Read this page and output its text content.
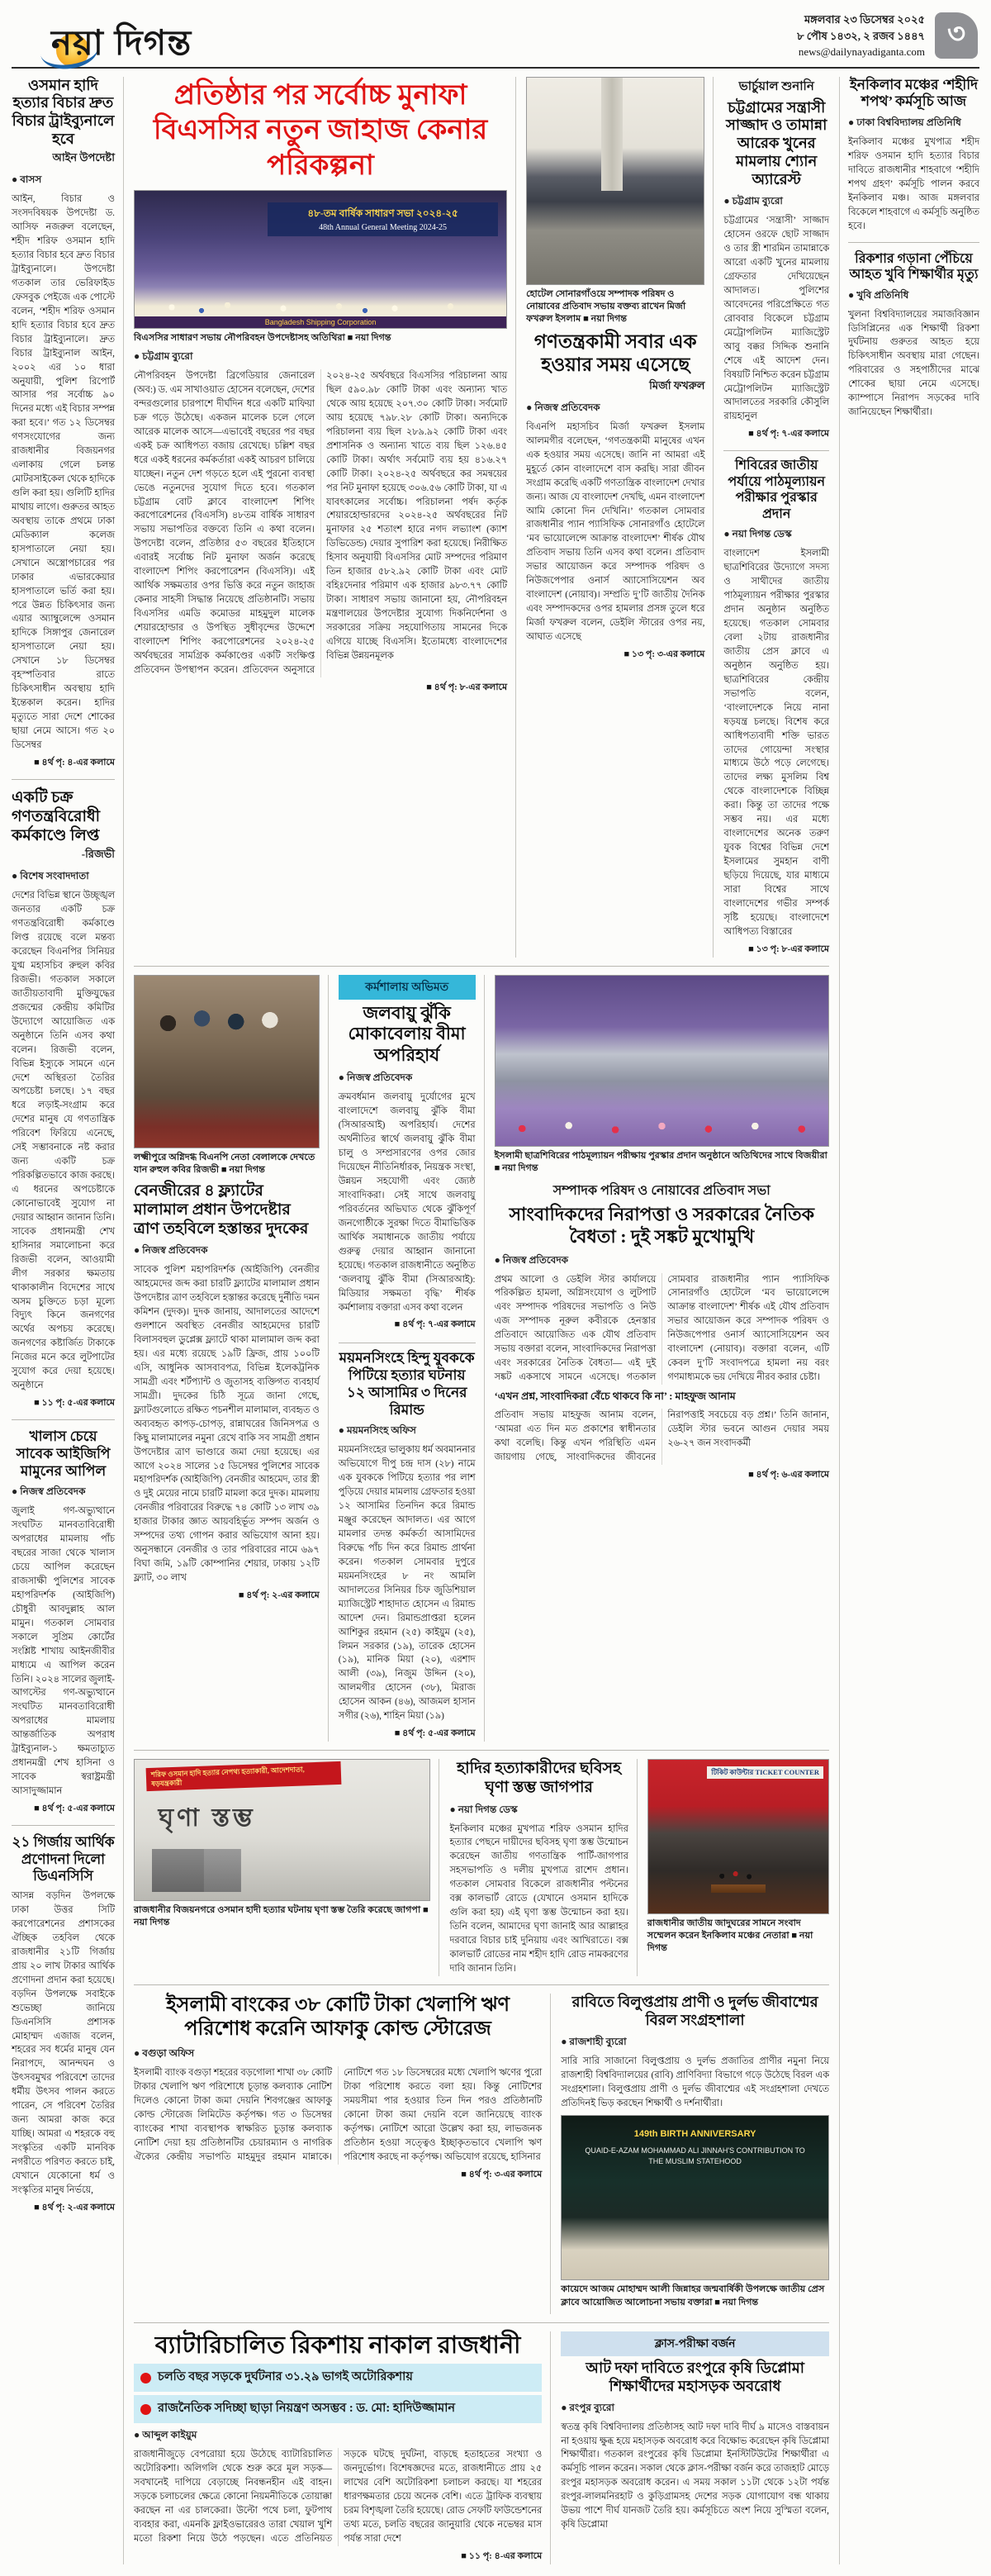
নয়া দিগন্ত
মঙ্গলবার ২৩ ডিসেম্বর ২০২৫
৮ পৌষ ১৪৩২, ২ রজব ১৪৪৭
news@dailynayadiganta.com
৩
ওসমান হাদি হত্যার বিচার দ্রুত বিচার ট্রাইব্যুনালে হবে
আইন উপদেষ্টা
● বাসস
আইন, বিচার ও সংসদবিষয়ক উপদেষ্টা ড. আসিফ নজরুল বলেছেন, শহীদ শরিফ ওসমান হাদি হত্যার বিচার হবে দ্রুত বিচার ট্রাইব্যুনালে। উপদেষ্টা গতকাল তার ভেরিফাইড ফেসবুক পেইজে এক পোস্টে বলেন, ‘শহীদ শরিফ ওসমান হাদি হত্যার বিচার হবে দ্রুত বিচার ট্রাইব্যুনালে। দ্রুত বিচার ট্রাইব্যুনাল আইন, ২০০২ এর ১০ ধারা অনুযায়ী, পুলিশ রিপোর্ট আসার পর সর্বোচ্চ ৯০ দিনের মধ্যে এই বিচার সম্পন্ন করা হবে।’ গত ১২ ডিসেম্বর গণসংযোগের জন্য রাজধানীর বিজয়নগর এলাকায় গেলে চলন্ত মোটরসাইকেল থেকে হাদিকে গুলি করা হয়। গুলিটি হাদির মাথায় লাগে। গুরুতর আহত অবস্থায় তাকে প্রথমে ঢাকা মেডিক্যাল কলেজ হাসপাতালে নেয়া হয়। সেখানে অস্ত্রোপচারের পর ঢাকার এভারকেয়ার হাসপাতালে ভর্তি করা হয়। পরে উন্নত চিকিৎসার জন্য এয়ার অ্যাম্বুলেন্সে ওসমান হাদিকে সিঙ্গাপুর জেনারেল হাসপাতালে নেয়া হয়। সেখানে ১৮ ডিসেম্বর বৃহস্পতিবার রাতে চিকিৎসাধীন অবস্থায় হাদি ইন্তেকাল করেন। হাদির মৃত্যুতে সারা দেশে শোকের ছায়া নেমে আসে। গত ২০ ডিসেম্বর
■ ৪র্থ পৃ: ৪-এর কলামে
একটি চক্র গণতন্ত্রবিরোধী কর্মকাণ্ডে লিপ্ত
-রিজভী
● বিশেষ সংবাদদাতা
দেশের বিভিন্ন স্থানে উচ্ছৃঙ্খল জনতার একটি চক্র গণতন্ত্রবিরোধী কর্মকাণ্ডে লিপ্ত রয়েছে বলে মন্তব্য করেছেন বিএনপির সিনিয়র যুগ্ম মহাসচিব রুহুল কবির রিজভী। গতকাল সকালে জাতীয়তাবাদী মুক্তিযুদ্ধের প্রজন্মের কেন্দ্রীয় কমিটির উদ্যোগে আয়োজিত এক অনুষ্ঠানে তিনি এসব কথা বলেন। রিজভী বলেন, বিভিন্ন ইস্যুকে সামনে এনে দেশে অস্থিরতা তৈরির অপচেষ্টা চলছে। ১৭ বছর ধরে লড়াই-সংগ্রাম করে দেশের মানুষ যে গণতান্ত্রিক পরিবেশ ফিরিয়ে এনেছে, সেই সম্ভাবনাকে নষ্ট করার জন্য একটি চক্র পরিকল্পিতভাবে কাজ করছে। এ ধরনের অপচেষ্টাকে কোনোভাবেই সুযোগ না দেয়ার আহ্বান জানান তিনি। সাবেক প্রধানমন্ত্রী শেখ হাসিনার সমালোচনা করে রিজভী বলেন, আওয়ামী লীগ সরকার ক্ষমতায় থাকাকালীন বিদেশের সাথে অসম চুক্তিতে চড়া মূল্যে বিদ্যুৎ কিনে জনগণের অর্থের অপচয় করেছে। জনগণের কষ্টার্জিত টাকাকে নিজের মনে করে লুটপাটের সুযোগ করে দেয়া হয়েছে। অনুষ্ঠানে
■ ১১ পৃ: ৫-এর কলামে
খালাস চেয়ে সাবেক আইজিপি মামুনের আপিল
● নিজস্ব প্রতিবেদক
জুলাই গণ-অভ্যুত্থানে সংঘটিত মানবতাবিরোধী অপরাধের মামলায় পাঁচ বছরের সাজা থেকে খালাস চেয়ে আপিল করেছেন রাজসাক্ষী পুলিশের সাবেক মহাপরিদর্শক (আইজিপি) চৌধুরী আবদুল্লাহ আল মামুন। গতকাল সোমবার সকালে সুপ্রিম কোর্টের সংশ্লিষ্ট শাখায় আইনজীবীর মাধ্যমে এ আপিল করেন তিনি। ২০২৪ সালের জুলাই-আগস্টের গণ-অভ্যুত্থানে সংঘটিত মানবতাবিরোধী অপরাধের মামলায় আন্তর্জাতিক অপরাধ ট্রাইব্যুনাল-১ ক্ষমতাচ্যুত প্রধানমন্ত্রী শেখ হাসিনা ও সাবেক স্বরাষ্ট্রমন্ত্রী আসাদুজ্জামান
■ ৪র্থ পৃ: ৫-এর কলামে
২১ গির্জায় আর্থিক প্রণোদনা দিলো ডিএনসিসি
আসন্ন বড়দিন উপলক্ষে ঢাকা উত্তর সিটি করপোরেশনের প্রশাসকের ঐচ্ছিক তহবিল থেকে রাজধানীর ২১টি গির্জায় প্রায় ২০ লাখ টাকার আর্থিক প্রণোদনা প্রদান করা হয়েছে। বড়দিন উপলক্ষে সবাইকে শুভেচ্ছা জানিয়ে ডিএনসিসি প্রশাসক মোহাম্মদ এজাজ বলেন, শহরের সব ধর্মের মানুষ যেন নিরাপদে, আনন্দঘন ও উৎসবমুখর পরিবেশে তাদের ধর্মীয় উৎসব পালন করতে পারেন, সে পরিবেশ তৈরির জন্য আমরা কাজ করে যাচ্ছি। আমরা এ শহরকে বহু সংস্কৃতির একটি মানবিক নগরীতে পরিণত করতে চাই, যেখানে যেকোনো ধর্ম ও সংস্কৃতির মানুষ নির্ভয়ে,
■ ৪র্থ পৃ: ২-এর কলামে
প্রতিষ্ঠার পর সর্বোচ্চ মুনাফা বিএসসির নতুন জাহাজ কেনার পরিকল্পনা
৪৮-তম বার্ষিক সাধারণ সভা ২০২৪-২৫
48th Annual General Meeting 2024-25
Bangladesh Shipping Corporation
বিএসসির সাধারণ সভায় নৌপরিবহন উপদেষ্টাসহ অতিথিরা ■ নয়া দিগন্ত
● চট্টগ্রাম ব্যুরো
নৌপরিবহন উপদেষ্টা ব্রিগেডিয়ার জেনারেল (অব:) ড. এম সাখাওয়াত হোসেন বলেছেন, দেশের বন্দরগুলোর চারপাশে দীর্ঘদিন ধরে একটি মাফিয়া চক্র গড়ে উঠেছে। একজন মালেক চলে গেলে আরেক মালেক আসে—এভাবেই বছরের পর বছর একই চক্র আধিপত্য বজায় রেখেছে। চল্লিশ বছর ধরে একই ধরনের কর্মকর্তারা একই আচরণ চালিয়ে যাচ্ছেন। নতুন দেশ গড়তে হলে এই পুরনো ব্যবস্থা ভেঙে নতুনদের সুযোগ দিতে হবে। গতকাল চট্টগ্রাম বোট ক্লাবে বাংলাদেশ শিপিং করপোরেশনের (বিএসসি) ৪৮তম বার্ষিক সাধারণ সভায় সভাপতির বক্তব্যে তিনি এ কথা বলেন। উপদেষ্টা বলেন, প্রতিষ্ঠার ৫৩ বছরের ইতিহাসে এবারই সর্বোচ্চ নিট মুনাফা অর্জন করেছে বাংলাদেশ শিপিং করপোরেশন (বিএসসি)। এই আর্থিক সক্ষমতার ওপর ভিত্তি করে নতুন জাহাজ কেনার সাহসী সিদ্ধান্ত নিয়েছে প্রতিষ্ঠানটি। সভায় বিএসসির এমডি কমোডর মাহমুদুল মালেক শেয়ারহোল্ডার ও উপস্থিত সুধীবৃন্দের উদ্দেশে বাংলাদেশ শিপিং করপোরেশনের ২০২৪-২৫ অর্থবছরের সামগ্রিক কর্মকাণ্ডের একটি সংক্ষিপ্ত প্রতিবেদন উপস্থাপন করেন। প্রতিবেদন অনুসারে ২০২৪-২৫ অর্থবছরে বিএসসির পরিচালনা আয় ছিল ৫৯০.৯৮ কোটি টাকা এবং অন্যান্য খাত থেকে আয় হয়েছে ২০৭.৩০ কোটি টাকা। সর্বমোট আয় হয়েছে ৭৯৮.২৮ কোটি টাকা। অন্যদিকে পরিচালনা ব্যয় ছিল ২৮৯.৯২ কোটি টাকা এবং প্রশাসনিক ও অন্যান্য খাতে ব্যয় ছিল ১২৬.৪৫ কোটি টাকা। অর্থাৎ সর্বমোট ব্যয় হয় ৪১৬.২৭ কোটি টাকা। ২০২৪-২৫ অর্থবছরে কর সমন্বয়ের পর নিট মুনাফা হয়েছে ৩০৬.৫৬ কোটি টাকা, যা এ যাবৎকালের সর্বোচ্চ। পরিচালনা পর্ষদ কর্তৃক শেয়ারহোল্ডারদের ২০২৪-২৫ অর্থবছরের নিট মুনাফার ২৫ শতাংশ হারে নগদ লভ্যাংশ (ক্যাশ ডিভিডেন্ড) দেয়ার সুপারিশ করা হয়েছে। নিরীক্ষিত হিসাব অনুযায়ী বিএসসির মোট সম্পদের পরিমাণ তিন হাজার ৫৮২.৯২ কোটি টাকা এবং মোট বহিঃদেনার পরিমাণ এক হাজার ৯৮৩.৭৭ কোটি টাকা। সাধারণ সভায় জানানো হয়, নৌপরিবহন মন্ত্রণালয়ের উপদেষ্টার সুযোগ্য দিকন‌ির্দেশনা ও সরকারের সক্রিয় সহযোগিতায় সামনের দিকে এগিয়ে যাচ্ছে বিএসসি। ইতোমধ্যে বাংলাদেশের বিভিন্ন উন্নয়নমূলক
■ ৪র্থ পৃ: ৮-এর কলামে
হোটেল সোনারগাঁওয়ে সম্পাদক পরিষদ ও নোয়াবের প্রতিবাদ সভায় বক্তব্য রাখেন মির্জা ফখরুল ইসলাম ■ নয়া দিগন্ত
গণতন্ত্রকামী সবার এক হওয়ার সময় এসেছে
মির্জা ফখরুল
● নিজস্ব প্রতিবেদক
বিএনপি মহাসচিব মির্জা ফখরুল ইসলাম আলমগীর বলেছেন, ‘গণতন্ত্রকামী মানুষের এখন এক হওয়ার সময় এসেছে। জানি না আমরা এই মুহূর্তে কোন বাংলাদেশে বাস করছি। সারা জীবন সংগ্রাম করেছি একটি গণতান্ত্রিক বাংলাদেশ দেখার জন্য। আজ যে বাংলাদেশ দেখছি, এমন বাংলাদেশ আমি কোনো দিন দেখিনি।’ গতকাল সোমবার রাজধানীর প্যান প্যাসিফিক সোনারগাঁও হোটেলে ‘মব ভায়োলেন্সে আক্রান্ত বাংলাদেশ’ শীর্ষক যৌথ প্রতিবাদ সভায় তিনি এসব কথা বলেন। প্রতিবাদ সভার আয়োজন করে সম্পাদক পরিষদ ও নিউজপেপার ওনার্স অ্যাসোসিয়েশন অব বাংলাদেশ (নোয়াব)। সম্প্রতি দু’টি জাতীয় দৈনিক এবং সম্পাদকদের ওপর হামলার প্রসঙ্গ তুলে ধরে মির্জা ফখরুল বলেন, ডেইলি স্টারের ওপর নয়, আঘাত এসেছে
■ ১৩ পৃ: ৩-এর কলামে
ভার্চুয়াল শুনানি
চট্টগ্রামের সন্ত্রাসী সাজ্জাদ ও তামান্না আরেক খুনের মামলায় শ্যোন অ্যারেস্ট
● চট্টগ্রাম ব্যুরো
চট্টগ্রামের ‘সন্ত্রাসী’ সাজ্জাদ হোসেন ওরফে ছোট সাজ্জাদ ও তার স্ত্রী শারমিন তামান্নাকে আরো একটি খুনের মামলায় গ্রেফতার দেখিয়েছেন আদালত। পুলিশের আবেদনের পরিপ্রেক্ষিতে গত রোববার বিকেলে চট্টগ্রাম মেট্রোপলিটন ম্যাজিস্ট্রেট আবু বক্কর সিদ্দিক শুনানি শেষে এই আদেশ দেন। বিষয়টি নিশ্চিত করেন চট্টগ্রাম মেট্রোপলিটন ম্যাজিস্ট্রেট আদালতের সরকারি কৌসুলি রায়হানুল
■ ৪র্থ পৃ: ৭-এর কলামে
শিবিরের জাতীয় পর্যায়ে পাঠমূল্যায়ন পরীক্ষার পুরস্কার প্রদান
● নয়া দিগন্ত ডেস্ক
বাংলাদেশ ইসলামী ছাত্রশিবিরের উদ্যোগে সদস্য ও সাথীদের জাতীয় পাঠমূল্যায়ন পরীক্ষার পুরস্কার প্রদান অনুষ্ঠান অনুষ্ঠিত হয়েছে। গতকাল সোমবার বেলা ২টায় রাজধানীর জাতীয় প্রেস ক্লাবে এ অনুষ্ঠান অনুষ্ঠিত হয়। ছাত্রশিবিরের কেন্দ্রীয় সভাপতি বলেন, ‘বাংলাদেশকে নিয়ে নানা ষড়যন্ত্র চলছে। বিশেষ করে আধিপত্যবাদী শক্তি ভারত তাদের গোয়েন্দা সংস্থার মাধ্যমে উঠে পড়ে লেগেছে। তাদের লক্ষ্য মুসলিম বিশ্ব থেকে বাংলাদেশকে বিচ্ছিন্ন করা। কিন্তু তা তাদের পক্ষে সম্ভব নয়। এর মধ্যে বাংলাদেশের অনেক তরুণ যুবক বিশ্বের বিভিন্ন দেশে ইসলামের সুমহান বাণী ছড়িয়ে দিয়েছে, যার মাধ্যমে সারা বিশ্বের সাথে বাংলাদেশের গভীর সম্পর্ক সৃষ্টি হয়েছে। বাংলাদেশে আধিপত্য বিস্তারের
■ ১৩ পৃ: ৮-এর কলামে
লক্ষ্মীপুরে অগ্নিদগ্ধ বিএনপি নেতা বেলালকে দেখতে যান রুহুল কবির রিজভী ■ নয়া দিগন্ত
বেনজীরের ৪ ফ্ল্যাটের মালামাল প্রধান উপদেষ্টার ত্রাণ তহবিলে হস্তান্তর দুদকের
● নিজস্ব প্রতিবেদক
সাবেক পুলিশ মহাপরিদর্শক (আইজিপি) বেনজীর আহমেদের জব্দ করা চারটি ফ্ল্যাটের মালামাল প্রধান উপদেষ্টার ত্রাণ তহবিলে হস্তান্তর করেছে দুর্নীতি দমন কমিশন (দুদক)। দুদক জানায়, আদালতের আদেশে গুলশানে অবস্থিত বেনজীর আহমেদের চারটি বিলাসবহুল ডুপ্লেক্স ফ্ল্যাটে থাকা মালামাল জব্দ করা হয়। এর মধ্যে রয়েছে ১৯টি ফ্রিজ, প্রায় ১০০টি এসি, আধুনিক আসবাবপত্র, বিভিন্ন ইলেকট্রনিক সামগ্রী এবং শর্টপ্যান্ট ও জুতাসহ ব্যক্তিগত ব্যবহার্য সামগ্রী। দুদকের চিঠি সূত্রে জানা গেছে, ফ্ল্যাটগুলোতে রক্ষিত পচনশীল মালামাল, ব্যবহৃত ও অব্যবহৃত কাপড়-চোপড়, রান্নাঘরের জিনিসপত্র ও কিছু মালামালের নমুনা রেখে বাকি সব সামগ্রী প্রধান উপদেষ্টার ত্রাণ ভাণ্ডারে জমা দেয়া হয়েছে। এর আগে ২০২৪ সালের ১৫ ডিসেম্বর পুলিশের সাবেক মহাপরিদর্শক (আইজিপি) বেনজীর আহমেদ, তার স্ত্রী ও দুই মেয়ের নামে চারটি মামলা করে দুদক। মামলায় বেনজীর পরিবারের বিরুদ্ধে ৭৪ কোটি ১৩ লাখ ৩৯ হাজার টাকার জ্ঞাত আয়বহির্ভূত সম্পদ অর্জন ও সম্পদের তথ্য গোপন করার অভিযোগ আনা হয়। অনুসন্ধানে বেনজীর ও তার পরিবারের নামে ৬৯৭ বিঘা জমি, ১৯টি কোম্পানির শেয়ার, ঢাকায় ১২টি ফ্ল্যাট, ৩০ লাখ
■ ৪র্থ পৃ: ২-এর কলামে
কর্মশালায় অভিমত
জলবায়ু ঝুঁকি মোকাবেলায় বীমা অপরিহার্য
● নিজস্ব প্রতিবেদক
ক্রমবর্ধমান জলবায়ু দুর্যোগের মুখে বাংলাদেশে জলবায়ু ঝুঁকি বীমা (সিআরআই) অপরিহার্য। দেশের অর্থনীতির স্বার্থে জলবায়ু ঝুঁকি বীমা চালু ও সম্প্রসারণের ওপর জোর দিয়েছেন নীতিনির্ধারক, নিয়ন্ত্রক সংস্থা, উন্নয়ন সহযোগী এবং জ্যেষ্ঠ সাংবাদিকরা। সেই সাথে জলবায়ু পরিবর্তনের অভিঘাত থেকে ঝুঁকিপূর্ণ জনগোষ্ঠীকে সুরক্ষা দিতে বীমাভিত্তিক আর্থিক সমাধানকে জাতীয় পর্যায়ে গুরুত্ব দেয়ার আহ্বান জানানো হয়েছে। গতকাল রাজধানীতে অনুষ্ঠিত ‘জলবায়ু ঝুঁকি বীমা (সিআরআই): মিডিয়ার সক্ষমতা বৃদ্ধি’ শীর্ষক কর্মশালায় বক্তারা এসব কথা বলেন
■ ৪র্থ পৃ: ৭-এর কলামে
ময়মনসিংহে হিন্দু যুবককে পিটিয়ে হত্যার ঘটনায় ১২ আসামির ৩ দিনের রিমান্ড
● ময়মনসিংহ অফিস
ময়মনসিংহের ভালুকায় ধর্ম অবমাননার অভিযোগে দীপু চন্দ্র দাস (২৮) নামে এক যুবককে পিটিয়ে হত্যার পর লাশ পুড়িয়ে দেয়ার মামলায় গ্রেফতার হওয়া ১২ আসামির তিনদিন করে রিমান্ড মঞ্জুর করেছেন আদালত। এর আগে মামলার তদন্ত কর্মকর্তা আসামিদের বিরুদ্ধে পাঁচ দিন করে রিমান্ড প্রার্থনা করেন। গতকাল সোমবার দুপুরে ময়মনসিংহের ৮ নং আমলি আদালতের সিনিয়র চিফ জুডিশিয়াল ম্যাজিস্ট্রেট শাহাদাত হোসেন এ রিমান্ড আদেশ দেন। রিমান্ডপ্রাপ্তরা হলেন আশিকুর রহমান (২৫) কাইয়ুম (২৫), লিমন সরকার (১৯), তারেক হোসেন (১৯), মানিক মিয়া (২০), এরশাদ আলী (৩৯), নিজুম উদ্দিন (২০), আলমগীর হোসেন (৩৮), মিরাজ হোসেন আকন (৪৬), আজমল হাসান সগীর (২৬), শাহিন মিয়া (১৯)
■ ৪র্থ পৃ: ৫-এর কলামে
ইসলামী ছাত্রশিবিরের পাঠমূল্যায়ন পরীক্ষায় পুরস্কার প্রদান অনুষ্ঠানে অতিথিদের সাথে বিজয়ীরা ■ নয়া দিগন্ত
সম্পাদক পরিষদ ও নোয়াবের প্রতিবাদ সভা
সাংবাদিকদের নিরাপত্তা ও সরকারের নৈতিক বৈধতা : দুই সঙ্কট মুখোমুখি
● নিজস্ব প্রতিবেদক
প্রথম আলো ও ডেইলি স্টার কার্যালয়ে পরিকল্পিত হামলা, অগ্নিসংযোগ ও লুটপাট এবং সম্পাদক পরিষদের সভাপতি ও নিউ এজ সম্পাদক নূরুল কবীরকে হেনস্তার প্রতিবাদে আয়োজিত এক যৌথ প্রতিবাদ সভায় বক্তারা বলেন, সাংবাদিকদের নিরাপত্তা এবং সরকারের নৈতিক বৈধতা— এই দুই সঙ্কট একসাথে সামনে এসেছে। গতকাল সোমবার রাজধানীর প্যান প্যাসিফিক সোনারগাঁও হোটেলে ‘মব ভায়োলেন্সে আক্রান্ত বাংলাদেশ’ শীর্ষক এই যৌথ প্রতিবাদ সভার আয়োজন করে সম্পাদক পরিষদ ও নিউজপেপার ওনার্স অ্যাসোসিয়েশন অব বাংলাদেশ (নোয়াব)। বক্তারা বলেন, এটি কেবল দু’টি সংবাদপত্রে হামলা নয় বরং গণমাধ্যমকে ভয় দেখিয়ে নীরব করার চেষ্টা।
‘এখন প্রশ্ন, সাংবাদিকরা বেঁচে থাকবে কি না’ : মাহফুজ আনাম
প্রতিবাদ সভায় মাহফুজ আনাম বলেন, ‘আমরা এত দিন মত প্রকাশের স্বাধীনতার কথা বলেছি। কিন্তু এখন পরিস্থিতি এমন জায়গায় গেছে, সাংবাদিকদের জীবনের নিরাপত্তাই সবচেয়ে বড় প্রশ্ন।’ তিনি জানান, ডেইলি স্টার ভবনে আগুন দেয়ার সময় ২৬-২৭ জন সংবাদকর্মী
■ ৪র্থ পৃ: ৬-এর কলামে
শরিফ ওসমান হাদি হত্যার নেপথ্য হত্যাকারী, আদেশদাতা, ষড়যন্ত্রকারী
ঘৃণা স্তম্ভ
রাজধানীর বিজয়নগরে ওসমান হাদী হত্যার ঘটনায় ঘৃণা স্তম্ভ তৈরি করেছে জাগপা ■ নয়া দিগন্ত
হাদির হত্যাকারীদের ছবিসহ ঘৃণা স্তম্ভ জাগপার
● নয়া দিগন্ত ডেস্ক
ইনকিলাব মঞ্চের মুখপাত্র শরিফ ওসমান হাদির হত্যার পেছনে দায়ীদের ছবিসহ ঘৃণা স্তম্ভ উন্মোচন করেছেন জাতীয় গণতান্ত্রিক পার্টি-জাগপার সহসভাপতি ও দলীয় মুখপাত্র রাশেদ প্রধান। গতকাল সোমবার বিকেলে রাজধানীর পল্টনের বক্স কালভার্ট রোডে (যেখানে ওসমান হাদিকে গুলি করা হয়) এই ঘৃণা স্তম্ভ উন্মোচন করা হয়। তিনি বলেন, আমাদের ঘৃণা জানাই আর আল্লাহর দরবারে বিচার চাই দুনিয়ায় এবং আখিরাতে। বক্স কালভার্ট রোডের নাম শহীদ হাদি রোড নামকরণের দাবি জানান তিনি।
টিকিট কাউন্টার TICKET COUNTER
রাজধানীর জাতীয় জাদুঘরের সামনে সংবাদ সম্মেলন করেন ইনকিলাব মঞ্চের নেতারা ■ নয়া দিগন্ত
ইসলামী বাংকের ৩৮ কোটি টাকা খেলাপি ঋণ পরিশোধ করেনি আফাকু কোল্ড স্টোরেজ
● বগুড়া অফিস
ইসলামী ব্যাংক বগুড়া শহরের বড়গোলা শাখা ৩৮ কোটি টাকার খেলাপি ঋণ পরিশোধে চূড়ান্ত কলব্যাক নোটিশ দিলেও কোনো টাকা জমা দেয়নি শিবগঞ্জের আফাকু কোল্ড স্টোরেজ লিমিটেড কর্তৃপক্ষ। গত ৩ ডিসেম্বর ব্যাংকের শাখা ব্যবস্থাপক স্বাক্ষরিত চূড়ান্ত কলব্যাক নোটিশ দেয়া হয় প্রতিষ্ঠানটির চেয়ারম্যান ও নাগরিক ঐক্যের কেন্দ্রীয় সভাপতি মাহমুদুর রহমান মান্নাকে। নোটিশে গত ১৮ ডিসেম্বরের মধ্যে খেলাপি ঋণের পুরো টাকা পরিশোধ করতে বলা হয়। কিন্তু নোটিশের সময়সীমা পার হওয়ার তিন দিন পরও প্রতিষ্ঠানটি কোনো টাকা জমা দেয়নি বলে জানিয়েছে ব্যাংক কর্তৃপক্ষ। নোটিশে আরো উল্লেখ করা হয়, লাভজনক প্রতিষ্ঠান হওয়া সত্ত্বেও ইচ্ছাকৃতভাবে খেলাপি ঋণ পরিশোধ করছে না কর্তৃপক্ষ। অভিযোগ রয়েছে, হাসিনার
■ ৪র্থ পৃ: ৩-এর কলামে
রাবিতে বিলুপ্তপ্রায় প্রাণী ও দুর্লভ জীবাশ্মের বিরল সংগ্রহশালা
● রাজশাহী ব্যুরো
সারি সারি সাজানো বিলুপ্তপ্রায় ও দুর্লভ প্রজাতির প্রাণীর নমুনা নিয়ে রাজশাহী বিশ্ববিদ্যালয়ের (রাবি) প্রাণিবিদ্যা বিভাগে গড়ে উঠেছে বিরল এক সংগ্রহশালা। বিলুপ্তপ্রায় প্রাণী ও দুর্লভ জীবাশ্মের এই সংগ্রহশালা দেখতে প্রতিদিনই ভিড় করছেন শিক্ষার্থী ও দর্শনার্থীরা।
149th BIRTH ANNIVERSARY
QUAID-E-AZAM MOHAMMAD ALI JINNAH'S CONTRIBUTION TO THE MUSLIM STATEHOOD
কায়েদে আজম মোহাম্মদ আলী জিন্নাহর জন্মবার্ষিকী উপলক্ষে জাতীয় প্রেস ক্লাবে আয়োজিত আলোচনা সভায় বক্তারা ■ নয়া দিগন্ত
ব্যাটারিচালিত রিকশায় নাকাল রাজধানী
চলতি বছর সড়কে দুর্ঘটনার ৩১.২৯ ভাগই অটোরিকশায়
রাজনৈতিক সদিচ্ছা ছাড়া নিয়ন্ত্রণ অসম্ভব : ড. মো: হাদিউজ্জামান
● আব্দুল কাইয়ুম
রাজধানীজুড়ে বেপরোয়া হয়ে উঠেছে ব্যাটারিচালিত অটোরিকশা। অলিগলি থেকে শুরু করে মূল সড়ক— সবখানেই দাপিয়ে বেড়াচ্ছে নিবন্ধনহীন এই বাহন। সড়কে চলাচলের ক্ষেত্রে কোনো নিয়মনীতিকে তোয়াক্কা করছেন না এর চালকেরা। উল্টো পথে চলা, ফুটপাথ ব্যবহার করা, এমনকি ফ্লাইওভারেরও তারা খেয়াল খুশি মতো রিকশা নিয়ে উঠে পড়ছেন। এতে প্রতিনিয়ত সড়কে ঘটছে দুর্ঘটনা, বাড়ছে হতাহতের সংখ্যা ও জনদুর্ভোগ। বিশেষজ্ঞদের মতে, রাজধানীতে প্রায় ২৫ লাখের বেশি অটোরিকশা চলাচল করছে। যা শহরের ধারণক্ষমতার চেয়ে অনেক বেশি। এতে ট্রাফিক ব্যবস্থায় চরম বিশৃঙ্খলা তৈরি হয়েছে। রোড সেফটি ফাউন্ডেশনের তথ্য মতে, চলতি বছরের জানুয়ারি থেকে নভেম্বর মাস পর্যন্ত সারা দেশে
■ ১১ পৃ: ৪-এর কলামে
ক্লাস-পরীক্ষা বর্জন
আট দফা দাবিতে রংপুরে কৃষি ডিপ্লোমা শিক্ষার্থীদের মহাসড়ক অবরোধ
● রংপুর ব্যুরো
স্বতন্ত্র কৃষি বিশ্ববিদ্যালয় প্রতিষ্ঠাসহ আট দফা দাবি দীর্ঘ ৯ মাসেও বাস্তবায়ন না হওয়ায় ক্ষুব্ধ হয়ে মহাসড়ক অবরোধ করে বিক্ষোভ করেছেন কৃষি ডিপ্লোমা শিক্ষার্থীরা। গতকাল রংপুরের কৃষি ডিপ্লোমা ইনস্টিটিউটের শিক্ষার্থীরা এ কর্মসূচি পালন করেন। সকাল থেকে ক্লাস-পরীক্ষা বর্জন করে তাজহাট মোড়ে রংপুর মহাসড়ক অবরোধ করেন। এ সময় সকাল ১১টা থেকে ১২টা পর্যন্ত রংপুর-লালমনিরহাট ও কুড়িগ্রামসহ দেশের সড়ক যোগাযোগ বন্ধ থাকায় উভয় পাশে দীর্ঘ যানজট তৈরি হয়। কর্মসূচিতে অংশ নিয়ে সুস্মিতা বলেন, কৃষি ডিপ্লোমা
ইনকিলাব মঞ্চের ‘শহীদি শপথ’ কর্মসূচি আজ
● ঢাকা বিশ্ববিদ্যালয় প্রতিনিধি
ইনকিলাব মঞ্চের মুখপাত্র শহীদ শরিফ ওসমান হাদি হত্যার বিচার দাবিতে রাজধানীর শাহবাগে ‘শহীদি শপথ গ্রহণ’ কর্মসূচি পালন করবে ইনকিলাব মঞ্চ। আজ মঙ্গলবার বিকেলে শাহবাগে এ কর্মসূচি অনুষ্ঠিত হবে।
রিকশার গড়ানা পেঁচিয়ে আহত খুবি শিক্ষার্থীর মৃত্যু
● খুবি প্রতিনিধি
খুলনা বিশ্ববিদ্যালয়ের সমাজবিজ্ঞান ডিসিপ্লিনের এক শিক্ষার্থী রিকশা দুর্ঘটনায় গুরুতর আহত হয়ে চিকিৎসাধীন অবস্থায় মারা গেছেন। পরিবারের ও সহপাঠীদের মাঝে শোকের ছায়া নেমে এসেছে। ক্যাম্পাসে নিরাপদ সড়কের দাবি জানিয়েছেন শিক্ষার্থীরা।
